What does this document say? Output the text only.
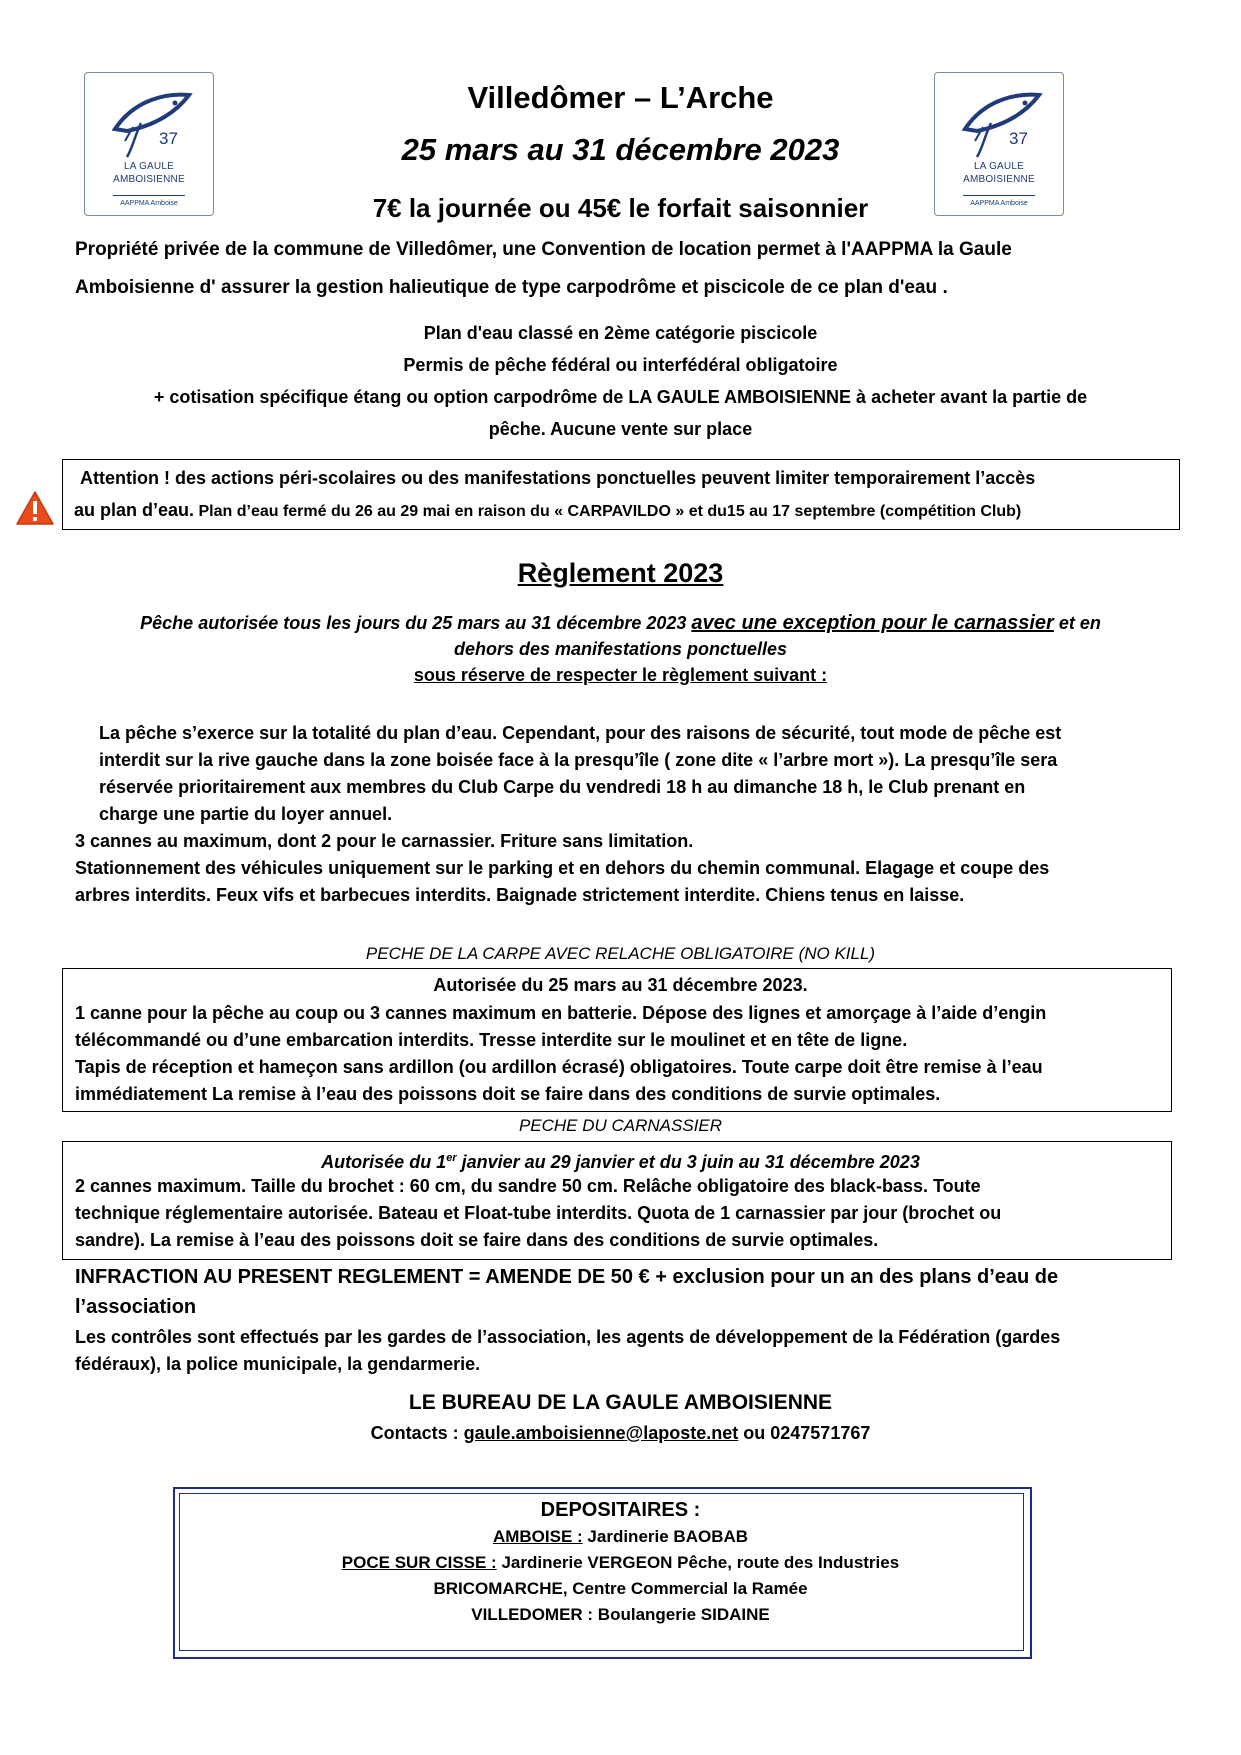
37
LA GAULE
AMBOISIENNE
AAPPMA Amboise
37
LA GAULE
AMBOISIENNE
AAPPMA Amboise
Villedômer – L’Arche
25 mars au 31 décembre 2023
7€ la journée ou 45€ le forfait saisonnier
Propriété privée de la commune de Villedômer, une Convention de location permet à l'AAPPMA la Gaule
Amboisienne d' assurer la gestion halieutique de type carpodrôme et piscicole de ce plan d'eau .
Plan d'eau classé en 2ème catégorie piscicole
Permis de pêche fédéral ou interfédéral obligatoire
+ cotisation spécifique étang ou option carpodrôme de LA GAULE AMBOISIENNE à acheter avant la partie de
pêche. Aucune vente sur place
Attention ! des actions péri-scolaires ou des manifestations ponctuelles peuvent limiter temporairement l’accès
au plan d’eau. Plan d’eau fermé du 26 au 29 mai en raison du « CARPAVILDO » et du15 au 17 septembre (compétition Club)
Règlement 2023
Pêche autorisée tous les jours du 25 mars au 31 décembre 2023 avec une exception pour le carnassier et en
dehors des manifestations ponctuelles
sous réserve de respecter le règlement suivant :
La pêche s’exerce sur la totalité du plan d’eau. Cependant, pour des raisons de sécurité, tout mode de pêche est
interdit sur la rive gauche dans la zone boisée face à la presqu’île ( zone dite « l’arbre mort »). La presqu’île sera
réservée prioritairement aux membres du Club Carpe du vendredi 18 h au dimanche 18 h, le Club prenant en
charge une partie du loyer annuel.
3 cannes au maximum, dont 2 pour le carnassier. Friture sans limitation.
Stationnement des véhicules uniquement sur le parking et en dehors du chemin communal. Elagage et coupe des
arbres interdits. Feux vifs et barbecues interdits. Baignade strictement interdite. Chiens tenus en laisse.
PECHE DE LA CARPE AVEC RELACHE OBLIGATOIRE (NO KILL)
Autorisée du 25 mars au 31 décembre 2023.
1 canne pour la pêche au coup ou 3 cannes maximum en batterie. Dépose des lignes et amorçage à l’aide d’engin
télécommandé ou d’une embarcation interdits. Tresse interdite sur le moulinet et en tête de ligne.
Tapis de réception et hameçon sans ardillon (ou ardillon écrasé) obligatoires. Toute carpe doit être remise à l’eau
immédiatement La remise à l’eau des poissons doit se faire dans des conditions de survie optimales.
PECHE DU CARNASSIER
Autorisée du 1er janvier au 29 janvier et du 3 juin au 31 décembre 2023
2 cannes maximum. Taille du brochet : 60 cm, du sandre 50 cm. Relâche obligatoire des black-bass. Toute
technique réglementaire autorisée. Bateau et Float-tube interdits. Quota de 1 carnassier par jour (brochet ou
sandre). La remise à l’eau des poissons doit se faire dans des conditions de survie optimales.
INFRACTION AU PRESENT REGLEMENT = AMENDE DE 50 € + exclusion pour un an des plans d’eau de
l’association
Les contrôles sont effectués par les gardes de l’association, les agents de développement de la Fédération (gardes
fédéraux), la police municipale, la gendarmerie.
LE BUREAU DE LA GAULE AMBOISIENNE
Contacts : gaule.amboisienne@laposte.net ou 0247571767
DEPOSITAIRES :
AMBOISE : Jardinerie BAOBAB
POCE SUR CISSE : Jardinerie VERGEON Pêche, route des Industries
BRICOMARCHE, Centre Commercial la Ramée
VILLEDOMER : Boulangerie SIDAINE
